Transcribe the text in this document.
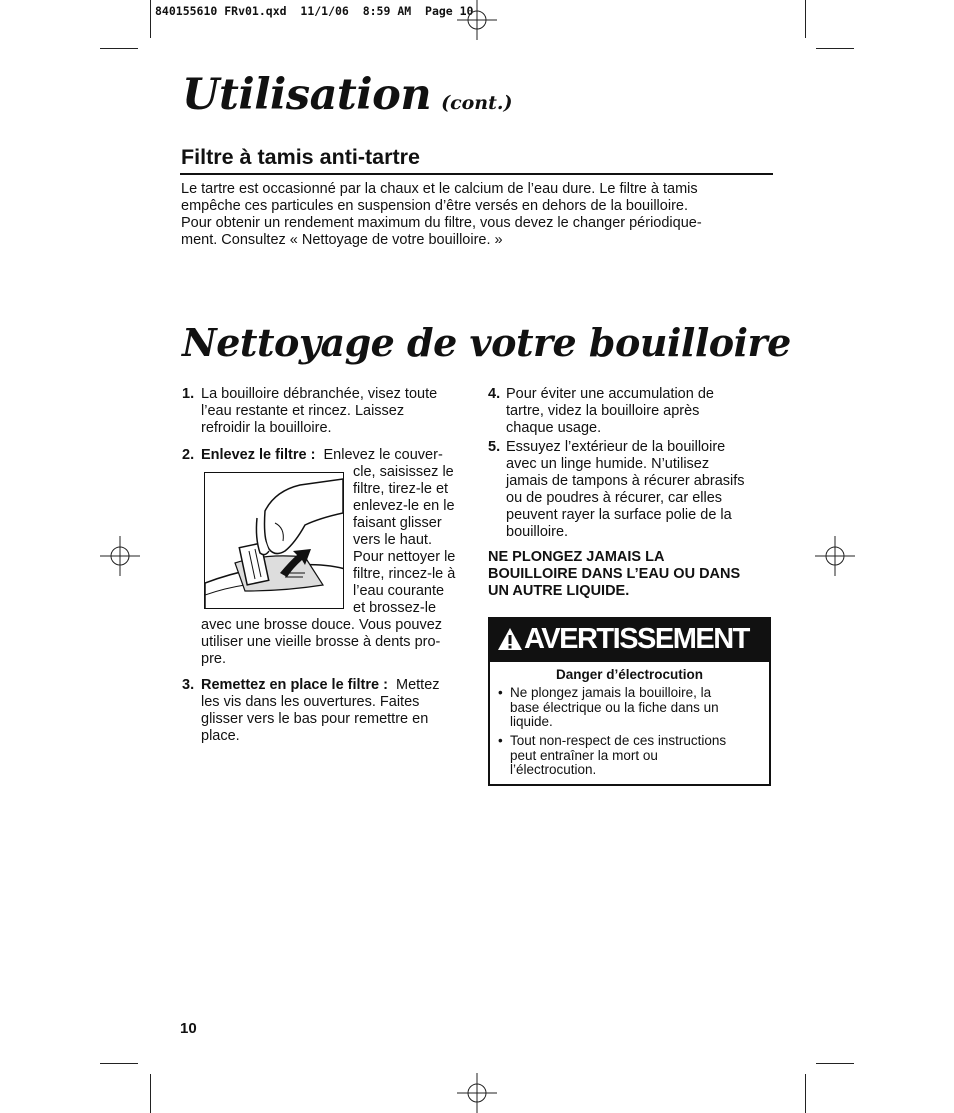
840155610 FRv01.qxd  11/1/06  8:59 AM  Page 10
Utilisation (cont.)
Filtre à tamis anti-tartre

Le tartre est occasionné par la chaux et le calcium de l’eau dure. Le filtre à tamis

empêche ces particules en suspension d’être versés en dehors de la bouilloire.

Pour obtenir un rendement maximum du filtre, vous devez le changer périodique-

ment. Consultez « Nettoyage de votre bouilloire. »

Nettoyage de votre bouilloire
1. La bouilloire débranchée, visez toute
l’eau restante et rincez. Laissez
refroidir la bouilloire.
2. Enlevez le filtre : Enlevez le couver-
cle, saisissez le
filtre, tirez-le et
enlevez-le en le
faisant glisser
vers le haut.
Pour nettoyer le
filtre, rincez-le à
l’eau courante
et brossez-le
avec une brosse douce. Vous pouvez
utiliser une vieille brosse à dents pro-
pre.
3. Remettez en place le filtre : Mettez
les vis dans les ouvertures. Faites
glisser vers le bas pour remettre en
place.
4. Pour éviter une accumulation de
tartre, videz la bouilloire après
chaque usage.
5. Essuyez l’extérieur de la bouilloire
avec un linge humide. N’utilisez
jamais de tampons à récurer abrasifs
ou de poudres à récurer, car elles
peuvent rayer la surface polie de la
bouilloire.
NE PLONGEZ JAMAIS LA
BOUILLOIRE DANS L’EAU OU DANS
UN AUTRE LIQUIDE.
AVERTISSEMENT
Danger d’électrocution
• Ne plongez jamais la bouilloire, la
base électrique ou la fiche dans un
liquide.
• Tout non-respect de ces instructions
peut entraîner la mort ou
l’électrocution.
10
